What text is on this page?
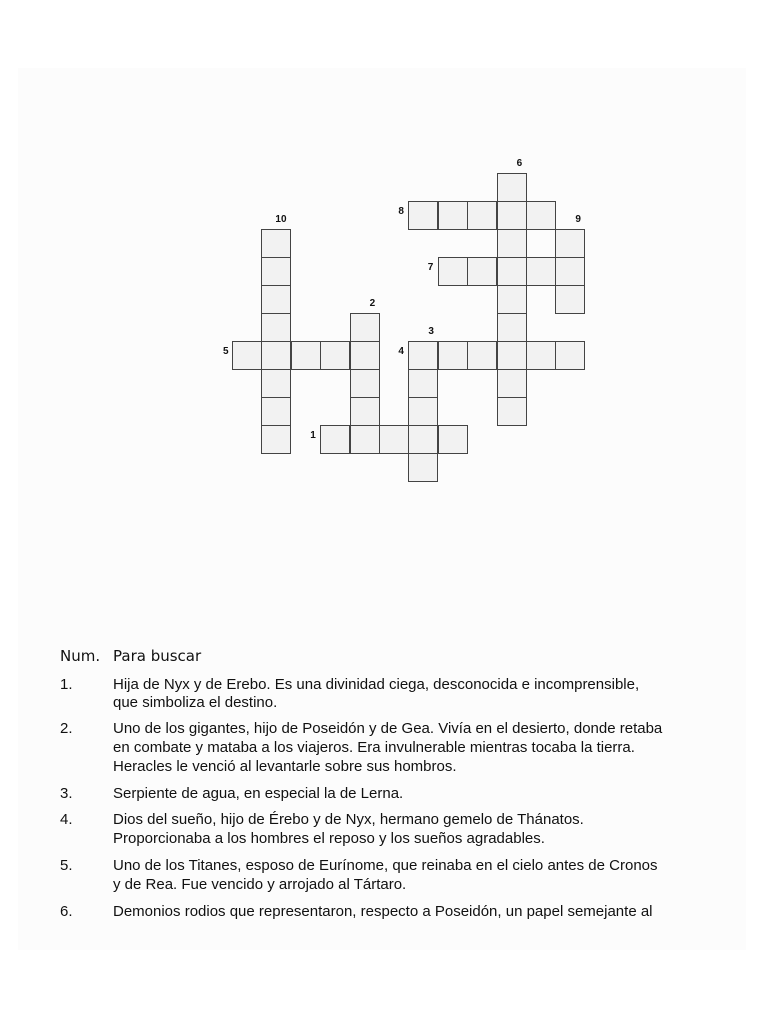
1
2
3
4
5
6
7
8
9
10
Num. Para buscar
1.	Hija de Nyx y de Erebo. Es una divinidad ciega, desconocida e incomprensible,
que simboliza el destino.
2.	Uno de los gigantes, hijo de Poseidón y de Gea. Vivía en el desierto, donde retaba
en combate y mataba a los viajeros. Era invulnerable mientras tocaba la tierra.
Heracles le venció al levantarle sobre sus hombros.
3.	Serpiente de agua, en especial la de Lerna.
4.	Dios del sueño, hijo de Érebo y de Nyx, hermano gemelo de Thánatos.
Proporcionaba a los hombres el reposo y los sueños agradables.
5.	Uno de los Titanes, esposo de Eurínome, que reinaba en el cielo antes de Cronos
y de Rea. Fue vencido y arrojado al Tártaro.
6.	Demonios rodios que representaron, respecto a Poseidón, un papel semejante al
